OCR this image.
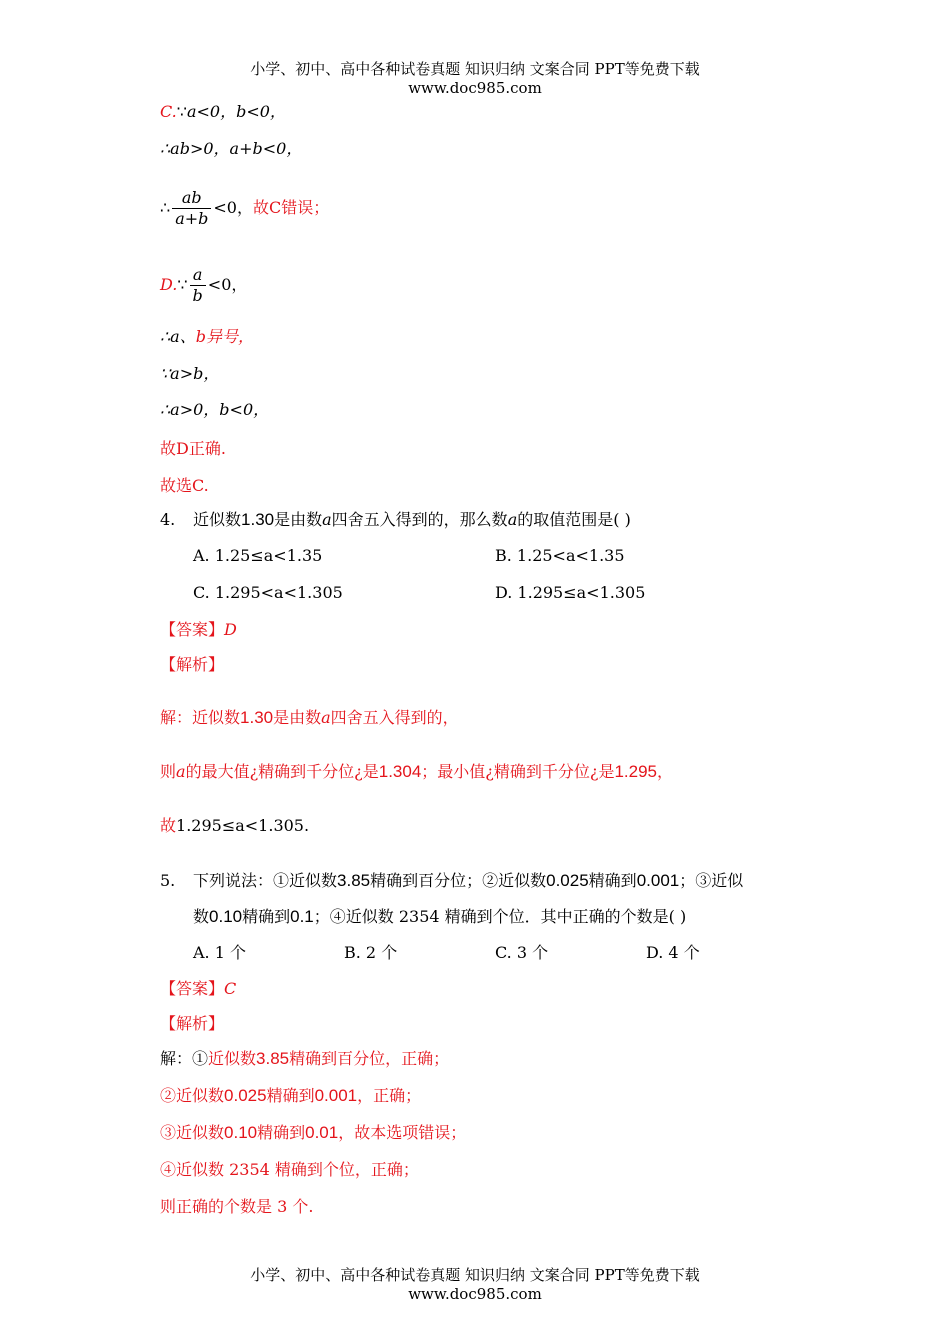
小学、初中、高中各种试卷真题 知识归纳 文案合同 PPT等免费下载
www.doc985.com
C.∵a<0，b<0，
∴ab>0，a+b<0，
∴ $\frac{ab}{a+b} <0$，故C错误；
D.∵ $\frac{a}{b} <0$，
∴a、b异号，
∵a>b，
∴a>0，b<0，
故D正确.
故选C.
4. 近似数1.30是由数a四舍五入得到的，那么数a的取值范围是( )
A. 1.25≤a<1.35	B. 1.25<a<1.35
C. 1.295<a<1.305	D. 1.295≤a<1.305
【答案】D
【解析】
解：近似数1.30是由数a四舍五入得到的，
则a的最大值¿精确到千分位¿是1.304；最小值¿精确到千分位¿是1.295，
故1.295≤a<1.305.
5. 下列说法：①近似数3.85精确到百分位；②近似数0.025精确到0.001；③近似
数0.10精确到0.1；④近似数 2354 精确到个位．其中正确的个数是( )
A. 1 个	B. 2 个	C. 3 个	D. 4 个
【答案】C
【解析】
解：①近似数3.85精确到百分位，正确；
②近似数0.025精确到0.001，正确；
③近似数0.10精确到0.01，故本选项错误；
④近似数 2354 精确到个位，正确；
则正确的个数是 3 个.
小学、初中、高中各种试卷真题 知识归纳 文案合同 PPT等免费下载
www.doc985.com
